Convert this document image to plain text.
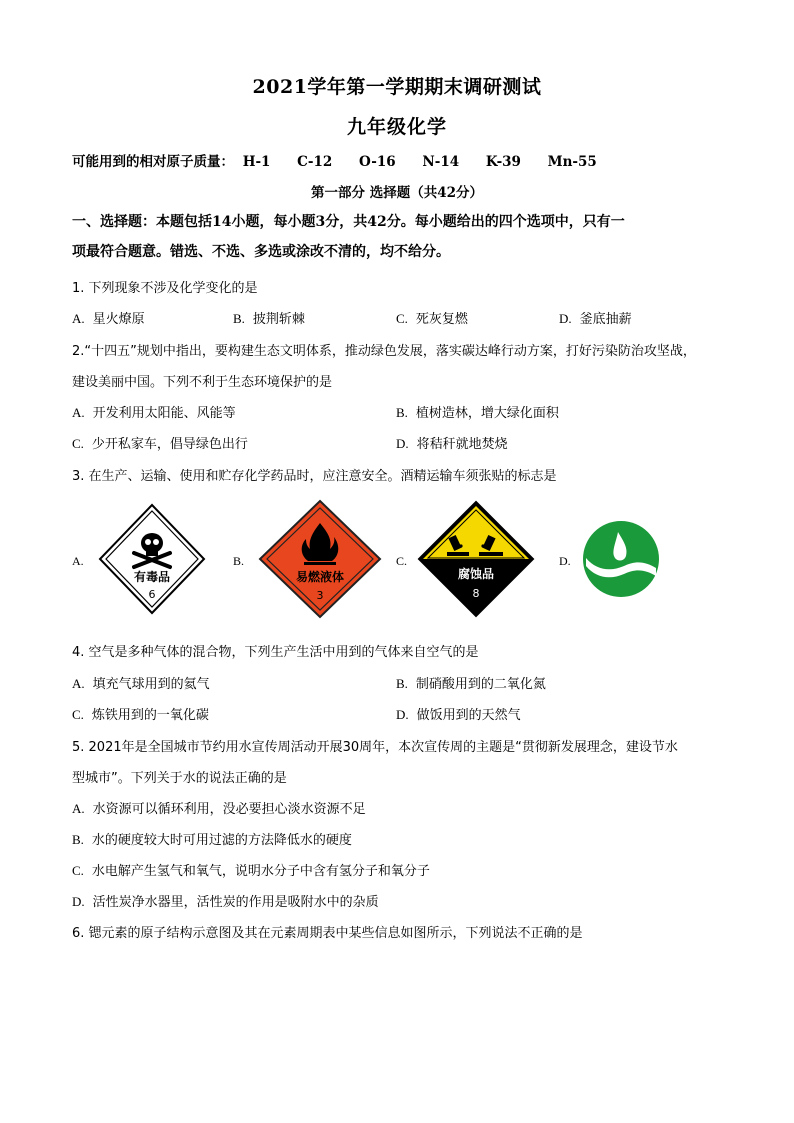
2021学年第一学期期末调研测试
九年级化学
可能用到的相对原子质量： H-1 C-12 O-16 N-14 K-39 Mn-55
第一部分 选择题（共42分）
一、选择题：本题包括14小题，每小题3分，共42分。每小题给出的四个选项中，只有一
项最符合题意。错选、不选、多选或涂改不清的，均不给分。
1. 下列现象不涉及化学变化的是
A. 星火燎原	B. 披荆斩棘	C. 死灰复燃	D. 釜底抽薪
2.“十四五”规划中指出，要构建生态文明体系，推动绿色发展，落实碳达峰行动方案，打好污染防治攻坚战，
建设美丽中国。下列不利于生态环境保护的是
A. 开发利用太阳能、风能等	B. 植树造林，增大绿化面积
C. 少开私家车，倡导绿色出行	D. 将秸秆就地焚烧
3. 在生产、运输、使用和贮存化学药品时，应注意安全。酒精运输车须张贴的标志是
A.
有毒品
6
B.
易燃液体
3
C.
腐蚀品
8
D.
4. 空气是多种气体的混合物，下列生产生活中用到的气体来自空气的是
A. 填充气球用到的氦气	B. 制硝酸用到的二氧化氮
C. 炼铁用到的一氧化碳	D. 做饭用到的天然气
5. 2021年是全国城市节约用水宣传周活动开展30周年，本次宣传周的主题是“贯彻新发展理念，建设节水
型城市”。下列关于水的说法正确的是
A. 水资源可以循环利用，没必要担心淡水资源不足
B. 水的硬度较大时可用过滤的方法降低水的硬度
C. 水电解产生氢气和氧气，说明水分子中含有氢分子和氧分子
D. 活性炭净水器里，活性炭的作用是吸附水中的杂质
6. 锶元素的原子结构示意图及其在元素周期表中某些信息如图所示，下列说法不正确的是
